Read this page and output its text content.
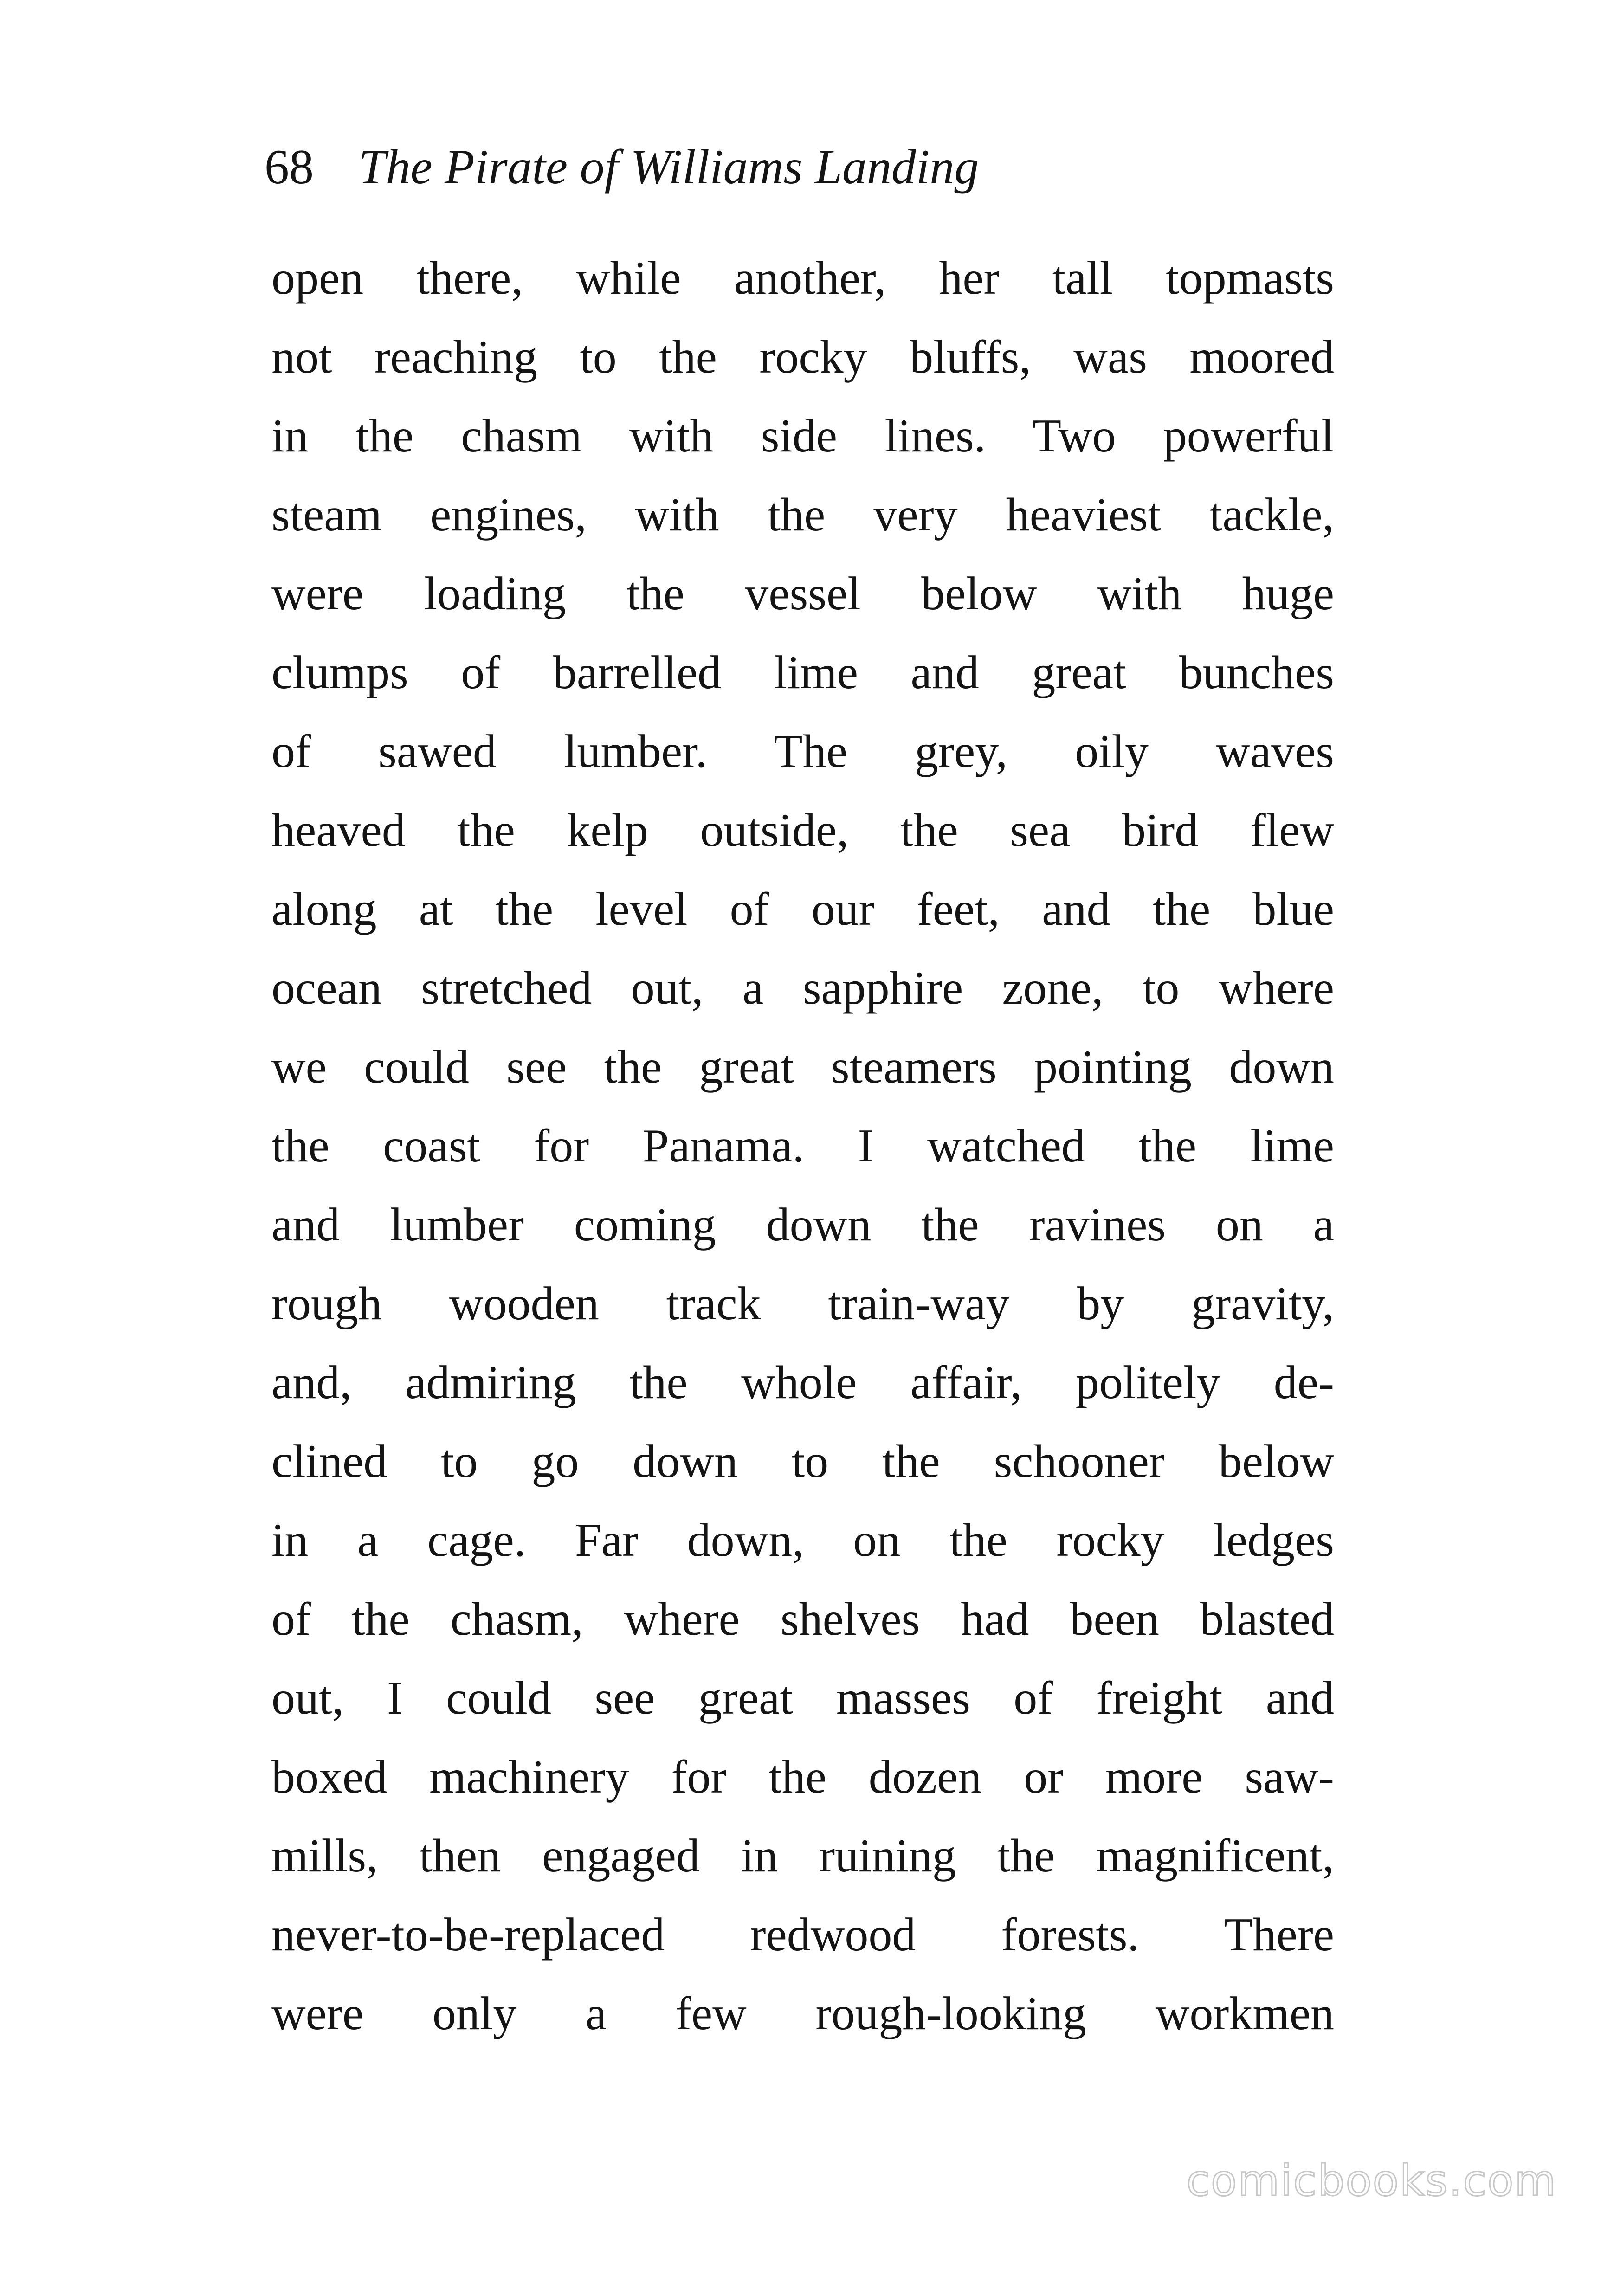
68 The Pirate of Williams Landing
open there, while another, her tall topmasts
not reaching to the rocky bluffs, was moored
in the chasm with side lines. Two powerful
steam engines, with the very heaviest tackle,
were loading the vessel below with huge
clumps of barrelled lime and great bunches
of sawed lumber. The grey, oily waves
heaved the kelp outside, the sea bird flew
along at the level of our feet, and the blue
ocean stretched out, a sapphire zone, to where
we could see the great steamers pointing down
the coast for Panama. I watched the lime
and lumber coming down the ravines on a
rough wooden track train-way by gravity,
and, admiring the whole affair, politely de-
clined to go down to the schooner below
in a cage. Far down, on the rocky ledges
of the chasm, where shelves had been blasted
out, I could see great masses of freight and
boxed machinery for the dozen or more saw-
mills, then engaged in ruining the magnificent,
never-to-be-replaced redwood forests. There
were only a few rough-looking workmen
comicbooks.com
